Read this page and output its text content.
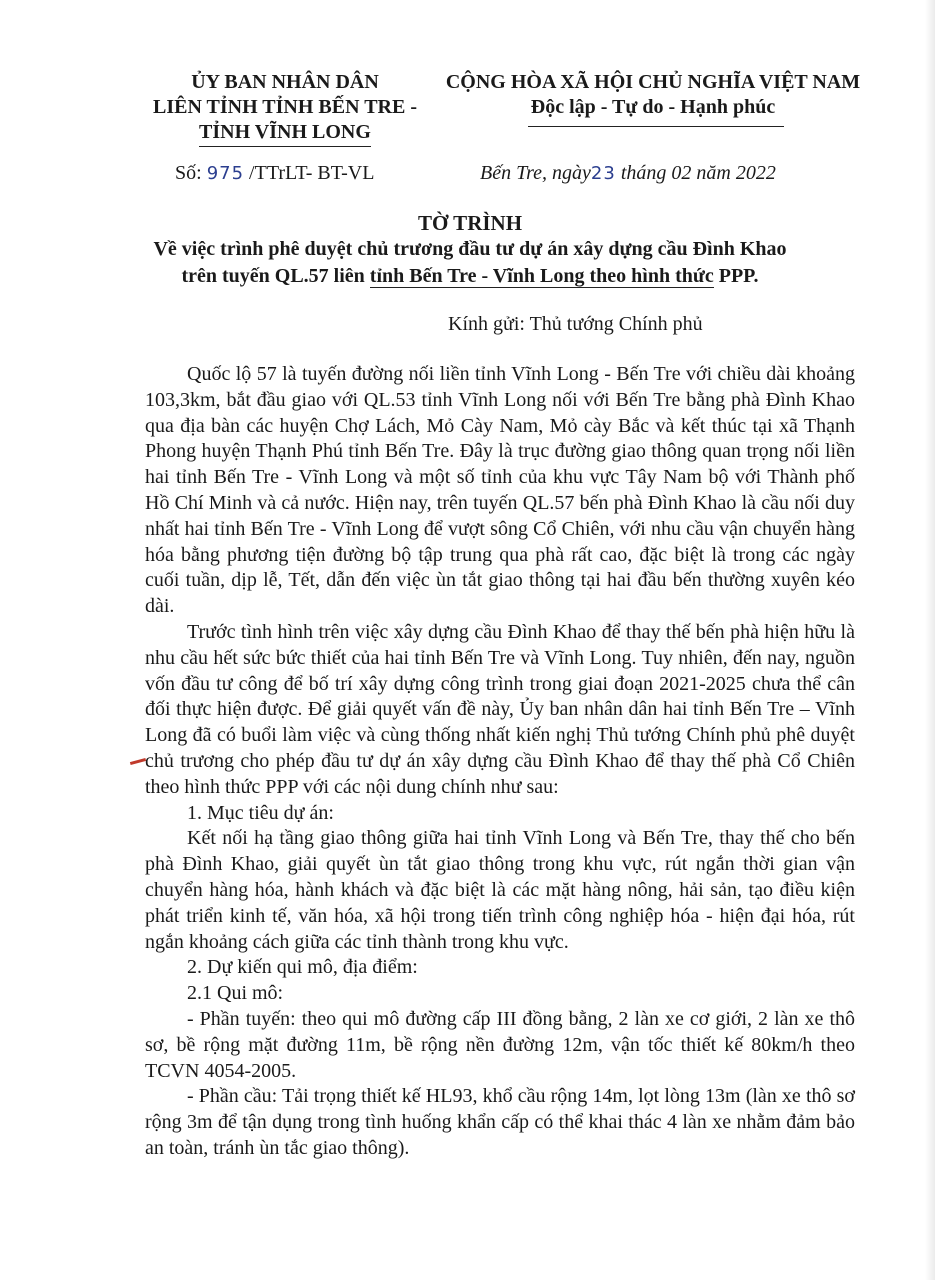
ỦY BAN NHÂN DÂN
LIÊN TỈNH TỈNH BẾN TRE -
TỈNH VĨNH LONG
CỘNG HÒA XÃ HỘI CHỦ NGHĨA VIỆT NAM
Độc lập - Tự do - Hạnh phúc
Số: 975 /TTrLT- BT-VL	Bến Tre, ngày23 tháng 02 năm 2022
TỜ TRÌNH
Về việc trình phê duyệt chủ trương đầu tư dự án xây dựng cầu Đình Khao
trên tuyến QL.57 liên tỉnh Bến Tre - Vĩnh Long theo hình thức PPP.
Kính gửi: Thủ tướng Chính phủ

Quốc lộ 57 là tuyến đường nối liền tỉnh Vĩnh Long - Bến Tre với chiều dài khoảng 103,3km, bắt đầu giao với QL.53 tỉnh Vĩnh Long nối với Bến Tre bằng phà Đình Khao qua địa bàn các huyện Chợ Lách, Mỏ Cày Nam, Mỏ cày Bắc và kết thúc tại xã Thạnh Phong huyện Thạnh Phú tỉnh Bến Tre. Đây là trục đường giao thông quan trọng nối liền hai tỉnh Bến Tre - Vĩnh Long và một số tỉnh của khu vực Tây Nam bộ với Thành phố Hồ Chí Minh và cả nước. Hiện nay, trên tuyến QL.57 bến phà Đình Khao là cầu nối duy nhất hai tỉnh Bến Tre - Vĩnh Long để vượt sông Cổ Chiên, với nhu cầu vận chuyển hàng hóa bằng phương tiện đường bộ tập trung qua phà rất cao, đặc biệt là trong các ngày cuối tuần, dịp lễ, Tết, dẫn đến việc ùn tắt giao thông tại hai đầu bến thường xuyên kéo dài.

Trước tình hình trên việc xây dựng cầu Đình Khao để thay thế bến phà hiện hữu là nhu cầu hết sức bức thiết của hai tỉnh Bến Tre và Vĩnh Long. Tuy nhiên, đến nay, nguồn vốn đầu tư công để bố trí xây dựng công trình trong giai đoạn 2021-2025 chưa thể cân đối thực hiện được. Để giải quyết vấn đề này, Ủy ban nhân dân hai tỉnh Bến Tre – Vĩnh Long đã có buổi làm việc và cùng thống nhất kiến nghị Thủ tướng Chính phủ phê duyệt chủ trương cho phép đầu tư dự án xây dựng cầu Đình Khao để thay thế phà Cổ Chiên theo hình thức PPP với các nội dung chính như sau:

1. Mục tiêu dự án:

Kết nối hạ tầng giao thông giữa hai tỉnh Vĩnh Long và Bến Tre, thay thế cho bến phà Đình Khao, giải quyết ùn tắt giao thông trong khu vực, rút ngắn thời gian vận chuyển hàng hóa, hành khách và đặc biệt là các mặt hàng nông, hải sản, tạo điều kiện phát triển kinh tế, văn hóa, xã hội trong tiến trình công nghiệp hóa - hiện đại hóa, rút ngắn khoảng cách giữa các tỉnh thành trong khu vực.

2. Dự kiến qui mô, địa điểm:

2.1 Qui mô:

- Phần tuyến: theo qui mô đường cấp III đồng bằng, 2 làn xe cơ giới, 2 làn xe thô sơ, bề rộng mặt đường 11m, bề rộng nền đường 12m, vận tốc thiết kế 80km/h theo TCVN 4054-2005.

- Phần cầu: Tải trọng thiết kế HL93, khổ cầu rộng 14m, lọt lòng 13m (làn xe thô sơ rộng 3m để tận dụng trong tình huống khẩn cấp có thể khai thác 4 làn xe nhằm đảm bảo an toàn, tránh ùn tắc giao thông).
